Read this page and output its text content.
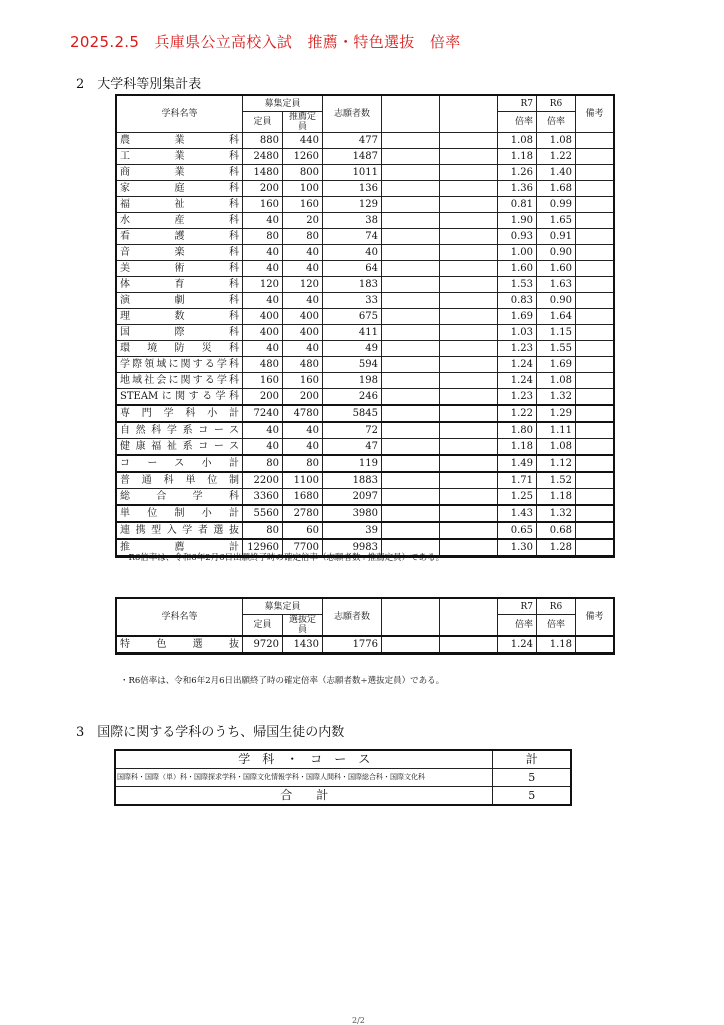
2025.2.5　兵庫県公立高校入試　推薦・特色選抜　倍率
2　大学科等別集計表
学科名等	募集定員		志願者数			R7	R6	備考
	定員	推薦定員				倍率	倍率	
農業科	880	440	477			1.08	1.08	
工業科	2480	1260	1487			1.18	1.22	
商業科	1480	800	1011			1.26	1.40	
家庭科	200	100	136			1.36	1.68	
福祉科	160	160	129			0.81	0.99	
水産科	40	20	38			1.90	1.65	
看護科	80	80	74			0.93	0.91	
音楽科	40	40	40			1.00	0.90	
美術科	40	40	64			1.60	1.60	
体育科	120	120	183			1.53	1.63	
演劇科	40	40	33			0.83	0.90	
理数科	400	400	675			1.69	1.64	
国際科	400	400	411			1.03	1.15	
環境防災科	40	40	49			1.23	1.55	
学際領域に関する学科	480	480	594			1.24	1.69	
地域社会に関する学科	160	160	198			1.24	1.08	
STEAMに関する学科	200	200	246			1.23	1.32	
専門学科小計	7240	4780	5845			1.22	1.29	
自然科学系コース	40	40	72			1.80	1.11	
健康福祉系コース	40	40	47			1.18	1.08	
コース小計	80	80	119			1.49	1.12	
普通科単位制	2200	1100	1883			1.71	1.52	
総合学科	3360	1680	2097			1.25	1.18	
単位制小計	5560	2780	3980			1.43	1.32	
連携型入学者選抜	80	60	39			0.65	0.68	
推薦計	12960	7700	9983			1.30	1.28	
・R6倍率は、令和6年2月6日出願終了時の確定倍率（志願者数÷推薦定員）である。
学科名等	募集定員		志願者数			R7	R6	備考
	定員	選抜定員				倍率	倍率	
特色選抜	9720	1430	1776			1.24	1.18	
・R6倍率は、令和6年2月6日出願終了時の確定倍率（志願者数÷選抜定員）である。
3　国際に関する学科のうち、帰国生徒の内数
学　科　・　コ　ー　ス	計
国際科・国際（単）科・国際探求学科・国際文化情報学科・国際人間科・国際総合科・国際文化科	5
合　　計	5
2/2
